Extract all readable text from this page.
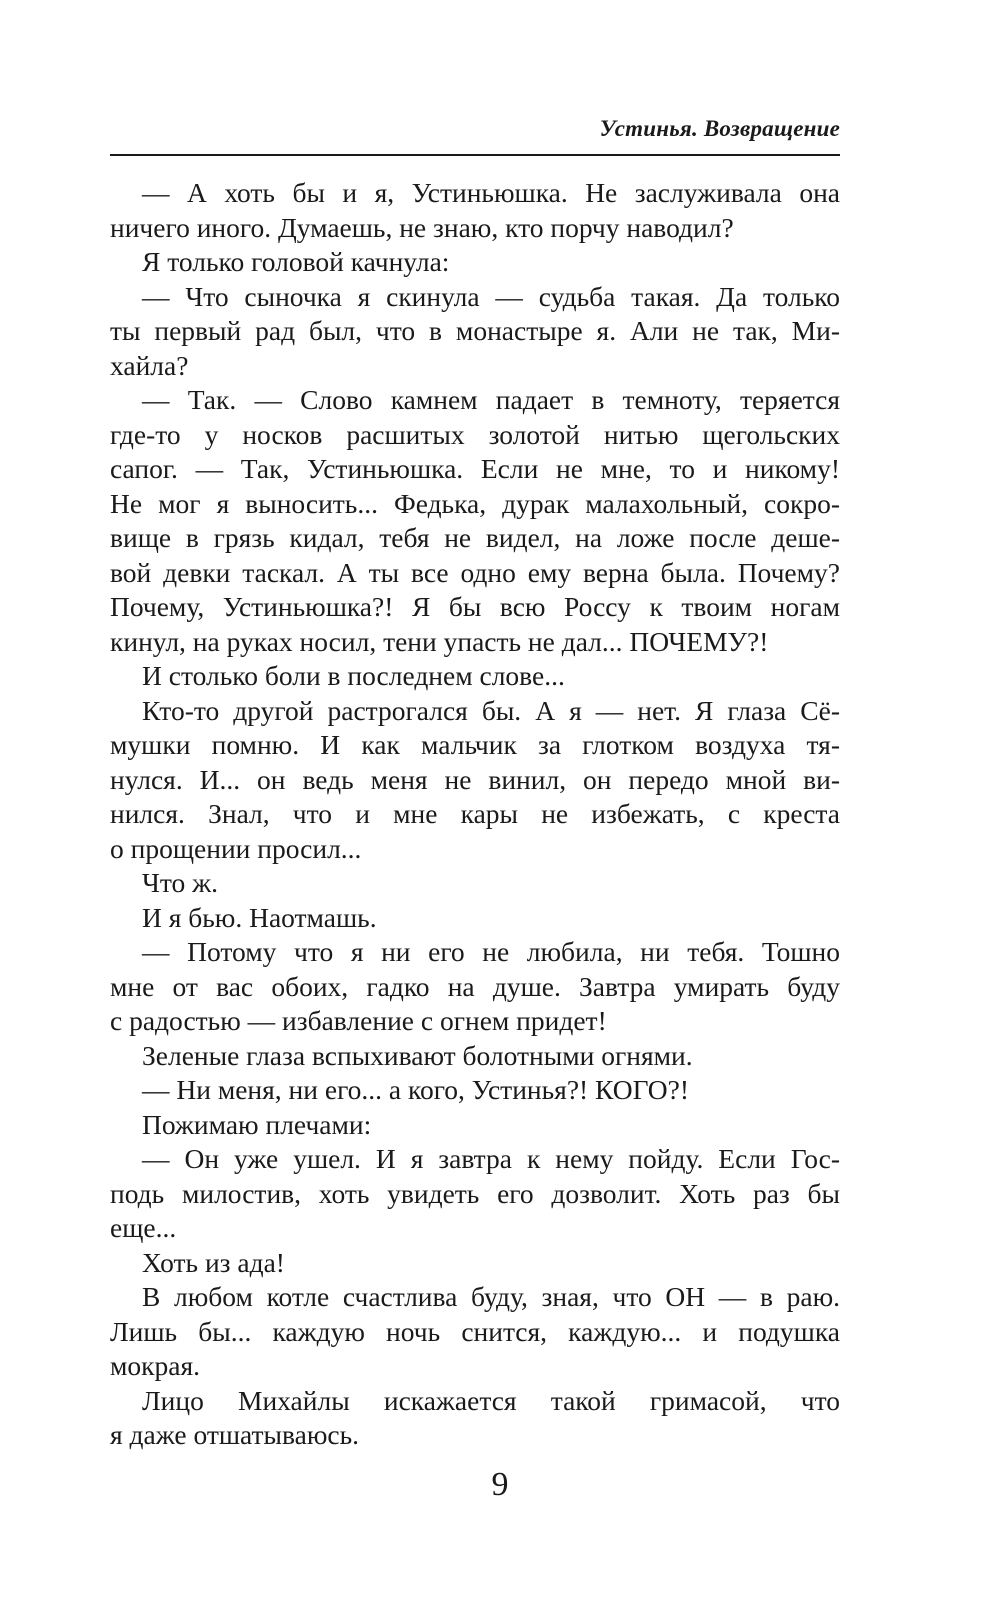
Устинья. Возвращение
— А хоть бы и я, Устиньюшка. Не заслуживала она
ничего иного. Думаешь, не знаю, кто порчу наводил?
Я только головой качнула:
— Что сыночка я скинула — судьба такая. Да только
ты первый рад был, что в монастыре я. Али не так, Ми-
хайла?
— Так. — Слово камнем падает в темноту, теряется
где-то у носков расшитых золотой нитью щегольских
сапог. — Так, Устиньюшка. Если не мне, то и никому!
Не мог я выносить... Федька, дурак малахольный, сокро-
вище в грязь кидал, тебя не видел, на ложе после деше-
вой девки таскал. А ты все одно ему верна была. Почему?
Почему, Устиньюшка?! Я бы всю Россу к твоим ногам
кинул, на руках носил, тени упасть не дал... ПОЧЕМУ?!
И столько боли в последнем слове...
Кто-то другой растрогался бы. А я — нет. Я глаза Сё-
мушки помню. И как мальчик за глотком воздуха тя-
нулся. И... он ведь меня не винил, он передо мной ви-
нился. Знал, что и мне кары не избежать, с креста
о прощении просил...
Что ж.
И я бью. Наотмашь.
— Потому что я ни его не любила, ни тебя. Тошно
мне от вас обоих, гадко на душе. Завтра умирать буду
с радостью — избавление с огнем придет!
Зеленые глаза вспыхивают болотными огнями.
— Ни меня, ни его... а кого, Устинья?! КОГО?!
Пожимаю плечами:
— Он уже ушел. И я завтра к нему пойду. Если Гос-
подь милостив, хоть увидеть его дозволит. Хоть раз бы
еще...
Хоть из ада!
В любом котле счастлива буду, зная, что ОН — в раю.
Лишь бы... каждую ночь снится, каждую... и подушка
мокрая.
Лицо Михайлы искажается такой гримасой, что
я даже отшатываюсь.
9
